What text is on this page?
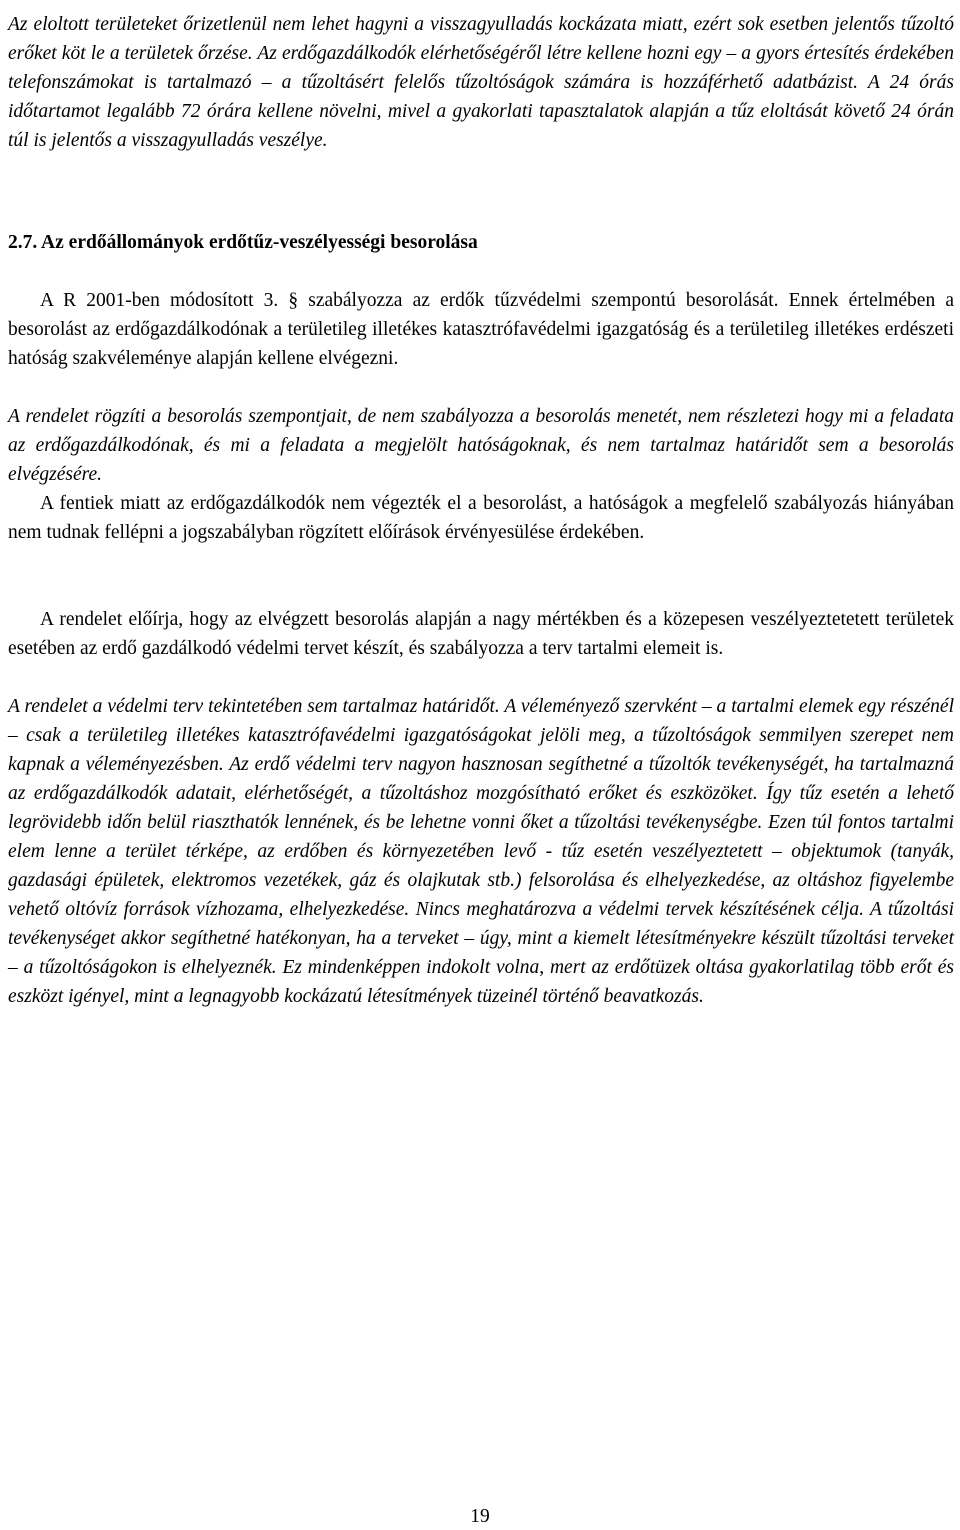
Az eloltott területeket őrizetlenül nem lehet hagyni a visszagyulladás kockázata miatt, ezért sok esetben jelentős tűzoltó erőket köt le a területek őrzése. Az erdőgazdálkodók elérhetőségéről létre kellene hozni egy – a gyors értesítés érdekében telefonszámokat is tartalmazó – a tűzoltásért felelős tűzoltóságok számára is hozzáférhető adatbázist. A 24 órás időtartamot legalább 72 órára kellene növelni, mivel a gyakorlati tapasztalatok alapján a tűz eloltását követő 24 órán túl is jelentős a visszagyulladás veszélye.

2.7. Az erdőállományok erdőtűz-veszélyességi besorolása

A R 2001-ben módosított 3. § szabályozza az erdők tűzvédelmi szempontú besorolását. Ennek értelmében a besorolást az erdőgazdálkodónak a területileg illetékes katasztrófavédelmi igazgatóság és a területileg illetékes erdészeti hatóság szakvéleménye alapján kellene elvégezni.

A rendelet rögzíti a besorolás szempontjait, de nem szabályozza a besorolás menetét, nem részletezi hogy mi a feladata az erdőgazdálkodónak, és mi a feladata a megjelölt hatóságoknak, és nem tartalmaz határidőt sem a besorolás elvégzésére.

A fentiek miatt az erdőgazdálkodók nem végezték el a besorolást, a hatóságok a megfelelő szabályozás hiányában nem tudnak fellépni a jogszabályban rögzített előírások érvényesülése érdekében.

A rendelet előírja, hogy az elvégzett besorolás alapján a nagy mértékben és a közepesen veszélyeztetetett területek esetében az erdő gazdálkodó védelmi tervet készít, és szabályozza a terv tartalmi elemeit is.

A rendelet a védelmi terv tekintetében sem tartalmaz határidőt. A véleményező szervként – a tartalmi elemek egy részénél – csak a területileg illetékes katasztrófavédelmi igazgatóságokat jelöli meg, a tűzoltóságok semmilyen szerepet nem kapnak a véleményezésben. Az erdő védelmi terv nagyon hasznosan segíthetné a tűzoltók tevékenységét, ha tartalmazná az erdőgazdálkodók adatait, elérhetőségét, a tűzoltáshoz mozgósítható erőket és eszközöket. Így tűz esetén a lehető legrövidebb időn belül riaszthatók lennének, és be lehetne vonni őket a tűzoltási tevékenységbe. Ezen túl fontos tartalmi elem lenne a terület térképe, az erdőben és környezetében levő - tűz esetén veszélyeztetett – objektumok (tanyák, gazdasági épületek, elektromos vezetékek, gáz és olajkutak stb.) felsorolása és elhelyezkedése, az oltáshoz figyelembe vehető oltóvíz források vízhozama, elhelyezkedése. Nincs meghatározva a védelmi tervek készítésének célja. A tűzoltási tevékenységet akkor segíthetné hatékonyan, ha a terveket – úgy, mint a kiemelt létesítményekre készült tűzoltási terveket – a tűzoltóságokon is elhelyeznék. Ez mindenképpen indokolt volna, mert az erdőtüzek oltása gyakorlatilag több erőt és eszközt igényel, mint a legnagyobb kockázatú létesítmények tüzeinél történő beavatkozás.

19
